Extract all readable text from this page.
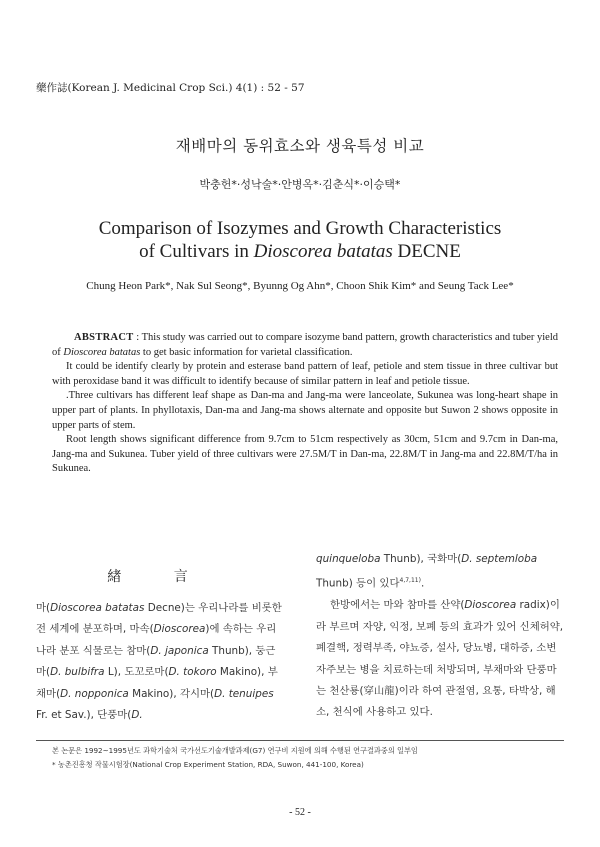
藥作誌(Korean J. Medicinal Crop Sci.) 4(1) : 52 - 57
재배마의 동위효소와 생육특성 비교
박충헌*·성낙술*·안병옥*·김춘식*·이승택*
Comparison of Isozymes and Growth Characteristics
of Cultivars in Dioscorea batatas DECNE
Chung Heon Park*, Nak Sul Seong*, Byunng Og Ahn*, Choon Shik Kim* and Seung Tack Lee*

ABSTRACT : This study was carried out to compare isozyme band pattern, growth characteristics and tuber yield of Dioscorea batatas to get basic information for varietal classification.

It could be identify clearly by protein and esterase band pattern of leaf, petiole and stem tissue in three cultivar but with peroxidase band it was difficult to identify because of similar pattern in leaf and petiole tissue.

.Three cultivars has different leaf shape as Dan-ma and Jang-ma were lanceolate, Sukunea was long-heart shape in upper part of plants. In phyllotaxis, Dan-ma and Jang-ma shows alternate and opposite but Suwon 2 shows opposite in upper parts of stem.

Root length shows significant difference from 9.7cm to 51cm respectively as 30cm, 51cm and 9.7cm in Dan-ma, Jang-ma and Sukunea. Tuber yield of three cultivars were 27.5M/T in Dan-ma, 22.8M/T in Jang-ma and 22.8M/T/ha in Sukunea.

緖 言
마(Dioscorea batatas Decne)는 우리나라를 비롯한 전 세계에 분포하며, 마속(Dioscorea)에 속하는 우리나라 분포 식물로는 참마(D. japonica Thunb), 둥근마(D. bulbifra L), 도꼬로마(D. tokoro Makino), 부채마(D. nopponica Makino), 각시마(D. tenuipes Fr. et Sav.), 단풍마(D.
quinqueloba Thunb), 국화마(D. septemloba Thunb) 등이 있다$^{4,7,11)}$.
한방에서는 마와 참마를 산약(Dioscorea radix)이라 부르며 자양, 익정, 보폐 등의 효과가 있어 신체허약, 폐결핵, 정력부족, 야뇨증, 설사, 당뇨병, 대하증, 소변 자주보는 병을 치료하는데 처방되며, 부채마와 단풍마는 천산룡(穿山龍)이라 하여 관절염, 요통, 타박상, 해소, 천식에 사용하고 있다.
본 논문은 1992~1995년도 과학기술처 국가선도기술개발과제(G7) 연구비 지원에 의해 수행된 연구결과중의 일부임
* 농촌진흥청 작물시험장(National Crop Experiment Station, RDA, Suwon, 441-100, Korea)
- 52 -
